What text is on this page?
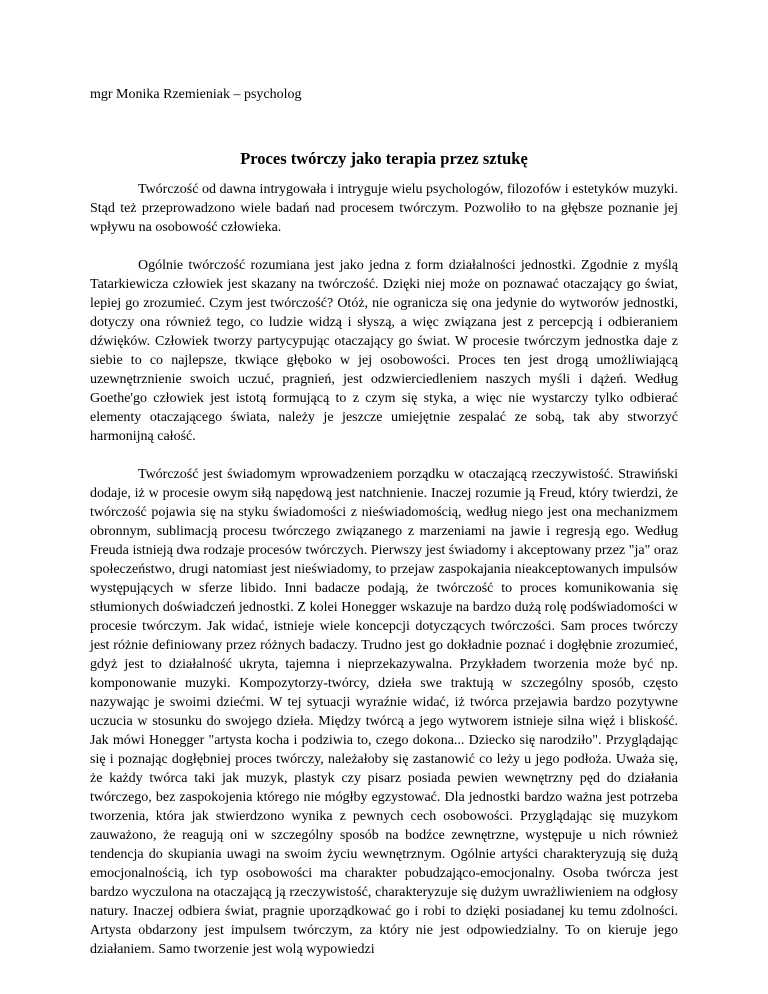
mgr Monika Rzemieniak – psycholog

Proces twórczy jako terapia przez sztukę

Twórczość od dawna intrygowała i intryguje wielu psychologów, filozofów i estetyków muzyki. Stąd też przeprowadzono wiele badań nad procesem twórczym. Pozwoliło to na głębsze poznanie jej wpływu na osobowość człowieka.

Ogólnie twórczość rozumiana jest jako jedna z form działalności jednostki. Zgodnie z myślą Tatarkiewicza człowiek jest skazany na twórczość. Dzięki niej może on poznawać otaczający go świat, lepiej go zrozumieć. Czym jest twórczość? Otóż, nie ogranicza się ona jedynie do wytworów jednostki, dotyczy ona również tego, co ludzie widzą i słyszą, a więc związana jest z percepcją i odbieraniem dźwięków. Człowiek tworzy partycypując otaczający go świat. W procesie twórczym jednostka daje z siebie to co najlepsze, tkwiące głęboko w jej osobowości. Proces ten jest drogą umożliwiającą uzewnętrznienie swoich uczuć, pragnień, jest odzwierciedleniem naszych myśli i dążeń. Według Goethe'go człowiek jest istotą formującą to z czym się styka, a więc nie wystarczy tylko odbierać elementy otaczającego świata, należy je jeszcze umiejętnie zespalać ze sobą, tak aby stworzyć harmonijną całość.

Twórczość jest świadomym wprowadzeniem porządku w otaczającą rzeczywistość. Strawiński dodaje, iż w procesie owym siłą napędową jest natchnienie. Inaczej rozumie ją Freud, który twierdzi, że twórczość pojawia się na styku świadomości z nieświadomością, według niego jest ona mechanizmem obronnym, sublimacją procesu twórczego związanego z marzeniami na jawie i regresją ego. Według Freuda istnieją dwa rodzaje procesów twórczych. Pierwszy jest świadomy i akceptowany przez "ja" oraz społeczeństwo, drugi natomiast jest nieświadomy, to przejaw zaspokajania nieakceptowanych impulsów występujących w sferze libido. Inni badacze podają, że twórczość to proces komunikowania się stłumionych doświadczeń jednostki. Z kolei Honegger wskazuje na bardzo dużą rolę podświadomości w procesie twórczym. Jak widać, istnieje wiele koncepcji dotyczących twórczości. Sam proces twórczy jest różnie definiowany przez różnych badaczy. Trudno jest go dokładnie poznać i dogłębnie zrozumieć, gdyż jest to działalność ukryta, tajemna i nieprzekazywalna. Przykładem tworzenia może być np. komponowanie muzyki. Kompozytorzy-twórcy, dzieła swe traktują w szczególny sposób, często nazywając je swoimi dziećmi. W tej sytuacji wyraźnie widać, iż twórca przejawia bardzo pozytywne uczucia w stosunku do swojego dzieła. Między twórcą a jego wytworem istnieje silna więź i bliskość. Jak mówi Honegger "artysta kocha i podziwia to, czego dokona... Dziecko się narodziło". Przyglądając się i poznając dogłębniej proces twórczy, należałoby się zastanowić co leży u jego podłoża. Uważa się, że każdy twórca taki jak muzyk, plastyk czy pisarz posiada pewien wewnętrzny pęd do działania twórczego, bez zaspokojenia którego nie mógłby egzystować. Dla jednostki bardzo ważna jest potrzeba tworzenia, która jak stwierdzono wynika z pewnych cech osobowości. Przyglądając się muzykom zauważono, że reagują oni w szczególny sposób na bodźce zewnętrzne, występuje u nich również tendencja do skupiania uwagi na swoim życiu wewnętrznym. Ogólnie artyści charakteryzują się dużą emocjonalnością, ich typ osobowości ma charakter pobudzająco-emocjonalny. Osoba twórcza jest bardzo wyczulona na otaczającą ją rzeczywistość, charakteryzuje się dużym uwrażliwieniem na odgłosy natury. Inaczej odbiera świat, pragnie uporządkować go i robi to dzięki posiadanej ku temu zdolności. Artysta obdarzony jest impulsem twórczym, za który nie jest odpowiedzialny. To on kieruje jego działaniem. Samo tworzenie jest wolą wypowiedzi
